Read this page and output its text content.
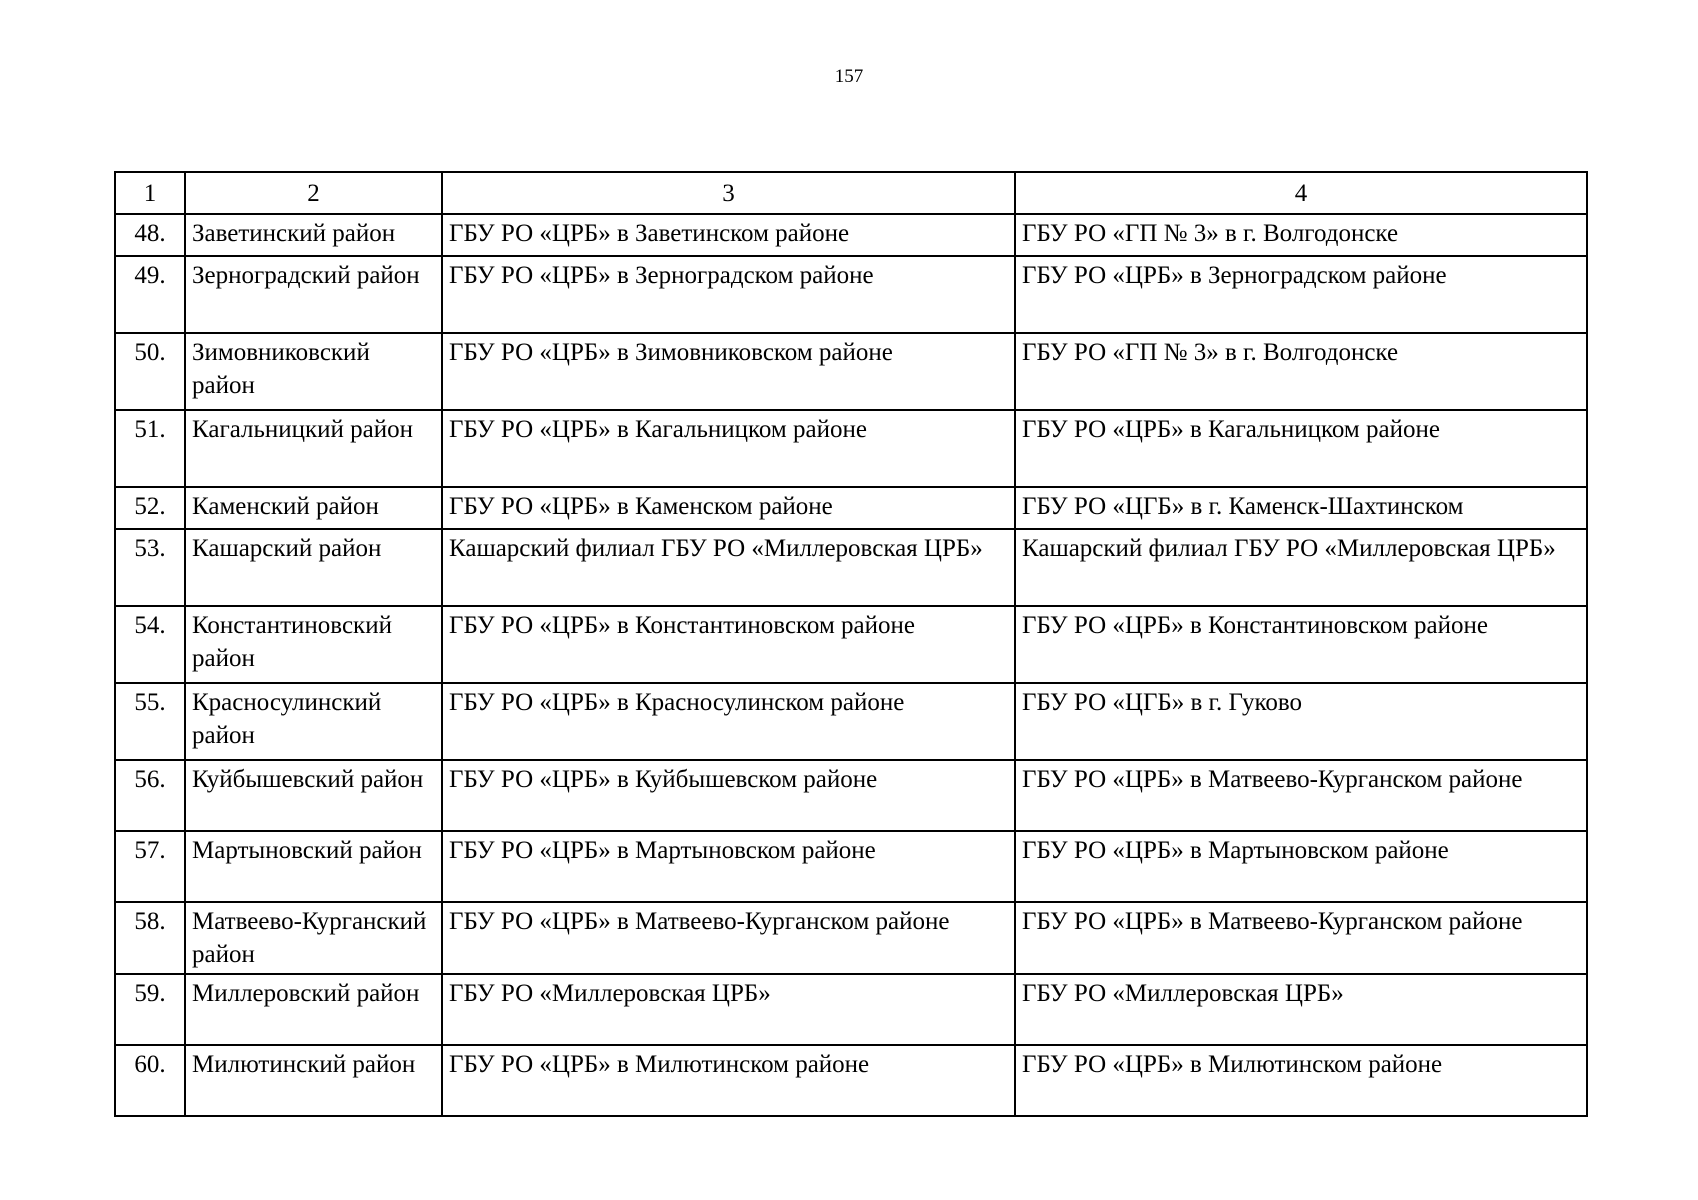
157
1	2	3	4
48.	Заветинский район	ГБУ РО «ЦРБ» в Заветинском районе	ГБУ РО «ГП № 3» в г. Волгодонске
49.	Зерноградский район	ГБУ РО «ЦРБ» в Зерноградском районе	ГБУ РО «ЦРБ» в Зерноградском районе
50.	Зимовниковский район	ГБУ РО «ЦРБ» в Зимовниковском районе	ГБУ РО «ГП № 3» в г. Волгодонске
51.	Кагальницкий район	ГБУ РО «ЦРБ» в Кагальницком районе	ГБУ РО «ЦРБ» в Кагальницком районе
52.	Каменский район	ГБУ РО «ЦРБ» в Каменском районе	ГБУ РО «ЦГБ» в г. Каменск-Шахтинском
53.	Кашарский район	Кашарский филиал ГБУ РО «Миллеровская ЦРБ»	Кашарский филиал ГБУ РО «Миллеровская ЦРБ»
54.	Константиновский район	ГБУ РО «ЦРБ» в Константиновском районе	ГБУ РО «ЦРБ» в Константиновском районе
55.	Красносулинский район	ГБУ РО «ЦРБ» в Красносулинском районе	ГБУ РО «ЦГБ» в г. Гуково
56.	Куйбышевский район	ГБУ РО «ЦРБ» в Куйбышевском районе	ГБУ РО «ЦРБ» в Матвеево-Курганском районе
57.	Мартыновский район	ГБУ РО «ЦРБ» в Мартыновском районе	ГБУ РО «ЦРБ» в Мартыновском районе
58.	Матвеево-Курганский район	ГБУ РО «ЦРБ» в Матвеево-Курганском районе	ГБУ РО «ЦРБ» в Матвеево-Курганском районе
59.	Миллеровский район	ГБУ РО «Миллеровская ЦРБ»	ГБУ РО «Миллеровская ЦРБ»
60.	Милютинский район	ГБУ РО «ЦРБ» в Милютинском районе	ГБУ РО «ЦРБ» в Милютинском районе
